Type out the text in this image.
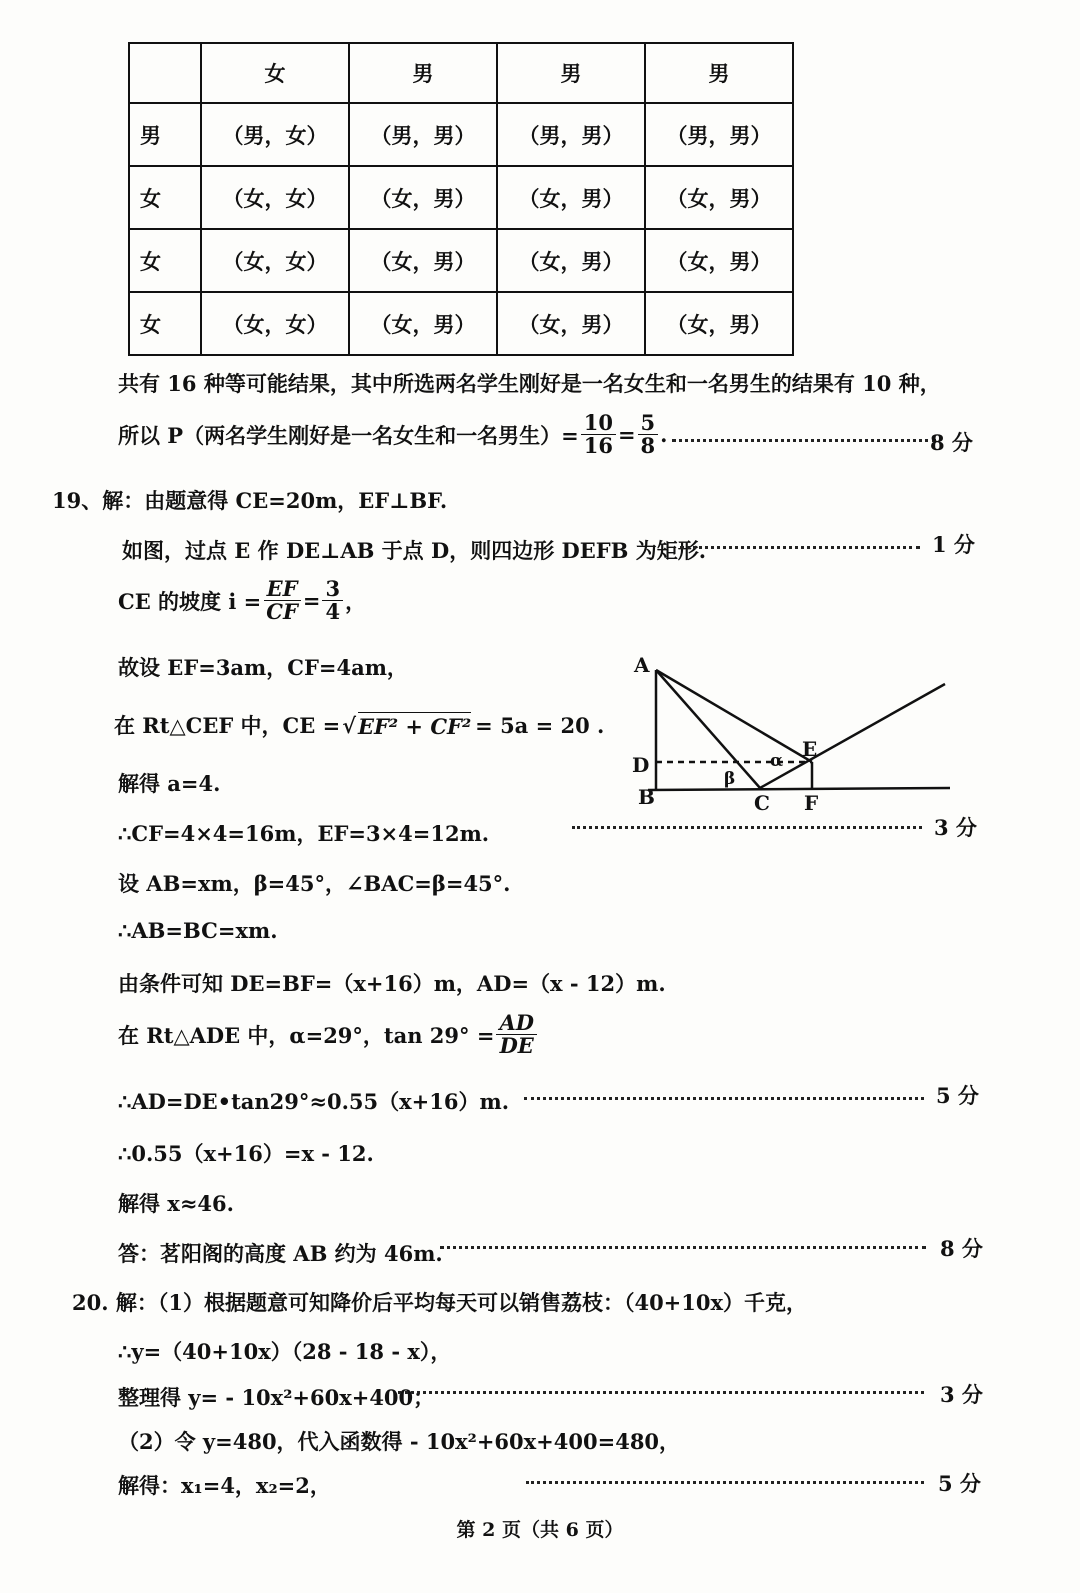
	女	男	男	男
男	（男，女）	（男，男）	（男，男）	（男，男）
女	（女，女）	（女，男）	（女，男）	（女，男）
女	（女，女）	（女，男）	（女，男）	（女，男）
女	（女，女）	（女，男）	（女，男）	（女，男）
共有 16 种等可能结果，其中所选两名学生刚好是一名女生和一名男生的结果有 10 种，
所以 P（两名学生刚好是一名女生和一名男生）= $\frac{10}{16} = \frac{5}{8}$ .	8 分
19、解：由题意得 CE=20m，EF⊥BF.
如图，过点 E 作 DE⊥AB 于点 D，则四边形 DEFB 为矩形.	1 分
CE 的坡度 $i = \frac{EF}{CF} = \frac{3}{4}$ ，
故设 EF=3am，CF=4am，
在 Rt△CEF 中，CE = √ EF² + CF² = 5a = 20 .
解得 a=4.
∴CF=4×4=16m，EF=3×4=12m.	3 分
A
D
B	C F
E
β
α
设 AB=xm，β=45°，∠BAC=β=45°.
∴AB=BC=xm.
由条件可知 DE=BF=（x+16）m，AD=（x - 12）m.
在 Rt△ADE 中，α=29°，$\tan 29^\circ = \frac{AD}{DE}$
∴AD=DE•tan29°≈0.55（x+16）m.	5 分
∴0.55（x+16）=x - 12.
解得 x≈46.
答：茗阳阁的高度 AB 约为 46m.	8 分
20. 解：（1）根据题意可知降价后平均每天可以销售荔枝：（40+10x）千克，
∴y=（40+10x）（28 - 18 - x），
整理得 y= - 10x²+60x+400；	3 分
（2）令 y=480，代入函数得 - 10x²+60x+400=480，
解得：x₁=4，x₂=2，	5 分
第 2 页（共 6 页）
